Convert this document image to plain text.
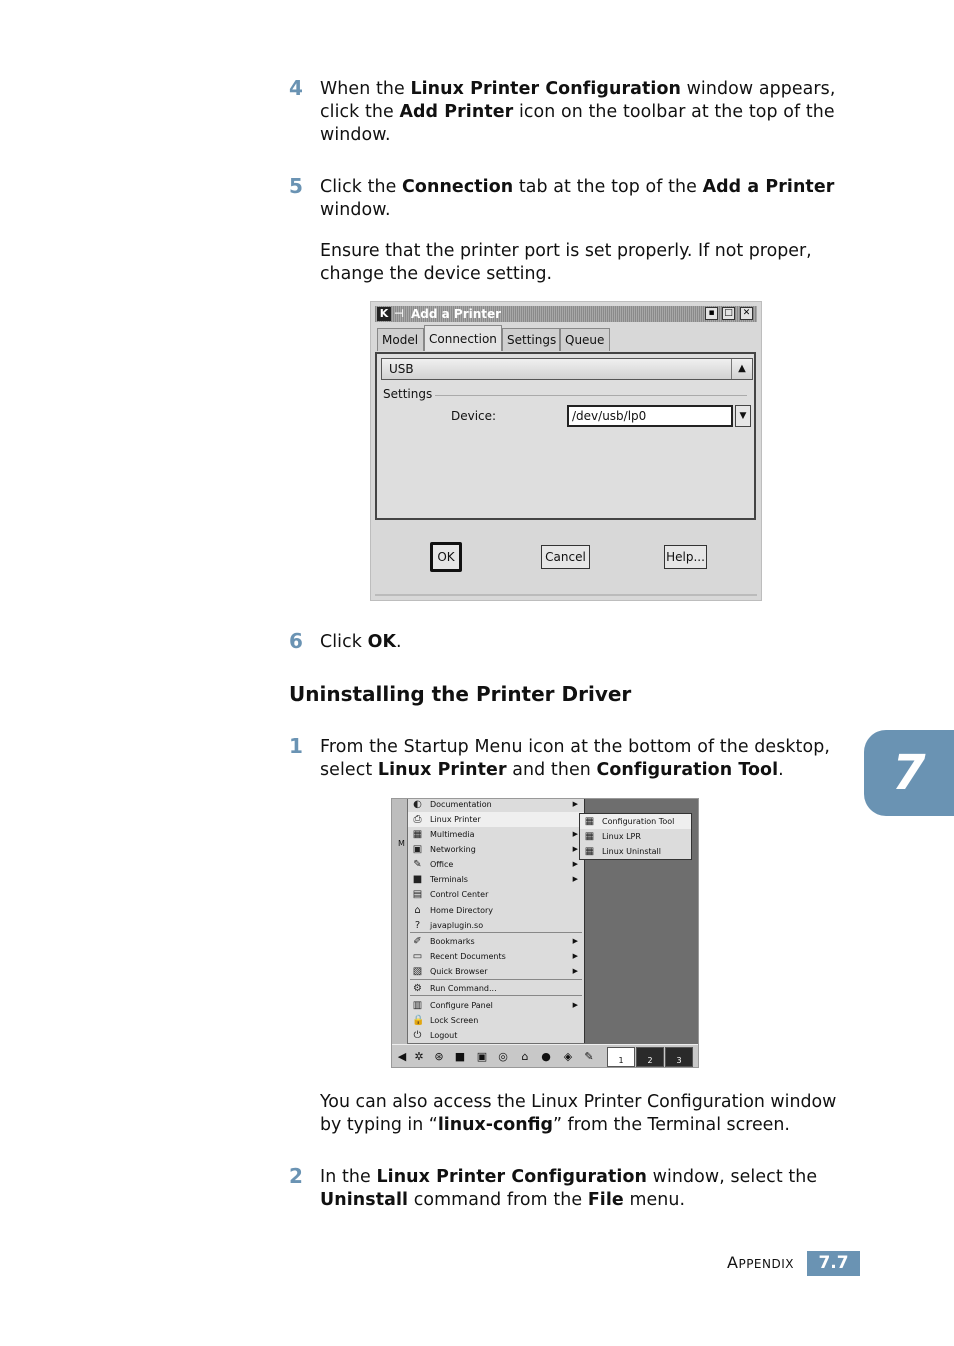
4 When the Linux Printer Configuration window appears, click the Add Printer icon on the toolbar at the top of the window.
5 Click the Connection tab at the top of the Add a Printer window.
Ensure that the printer port is set properly. If not proper, change the device setting.
K ⊣ Add a Printer	▪	□	✕
Model Connection Settings Queue
USB	▲

Settings
Device:	/dev/usb/lp0	▼
OK	Cancel	Help...
6 Click OK.
Uninstalling the Printer Driver
1 From the Startup Menu icon at the bottom of the desktop, select Linux Printer and then Configuration Tool.
M
◐ Documentation	▶
⎙ Linux Printer
▦ Multimedia	▶
▣ Networking	▶
✎ Office	▶
■ Terminals	▶
▤ Control Center
⌂ Home Directory
?	javaplugin.so
✐ Bookmarks	▶
▭ Recent Documents	▶
▧ Quick Browser	▶
⚙ Run Command...
▥ Configure Panel	▶
🔒 Lock Screen
⏻ Logout
▦ Configuration Tool
▦ Linux LPR
▦ Linux Uninstall
◀ ✲ ⊛ ■ ▣ ◎	⌂	● ◈ ✎	1	2	3
You can also access the Linux Printer Configuration window by typing in “linux-config” from the Terminal screen.
2 In the Linux Printer Configuration window, select the Uninstall command from the File menu.
7
APPENDIX	7.7
